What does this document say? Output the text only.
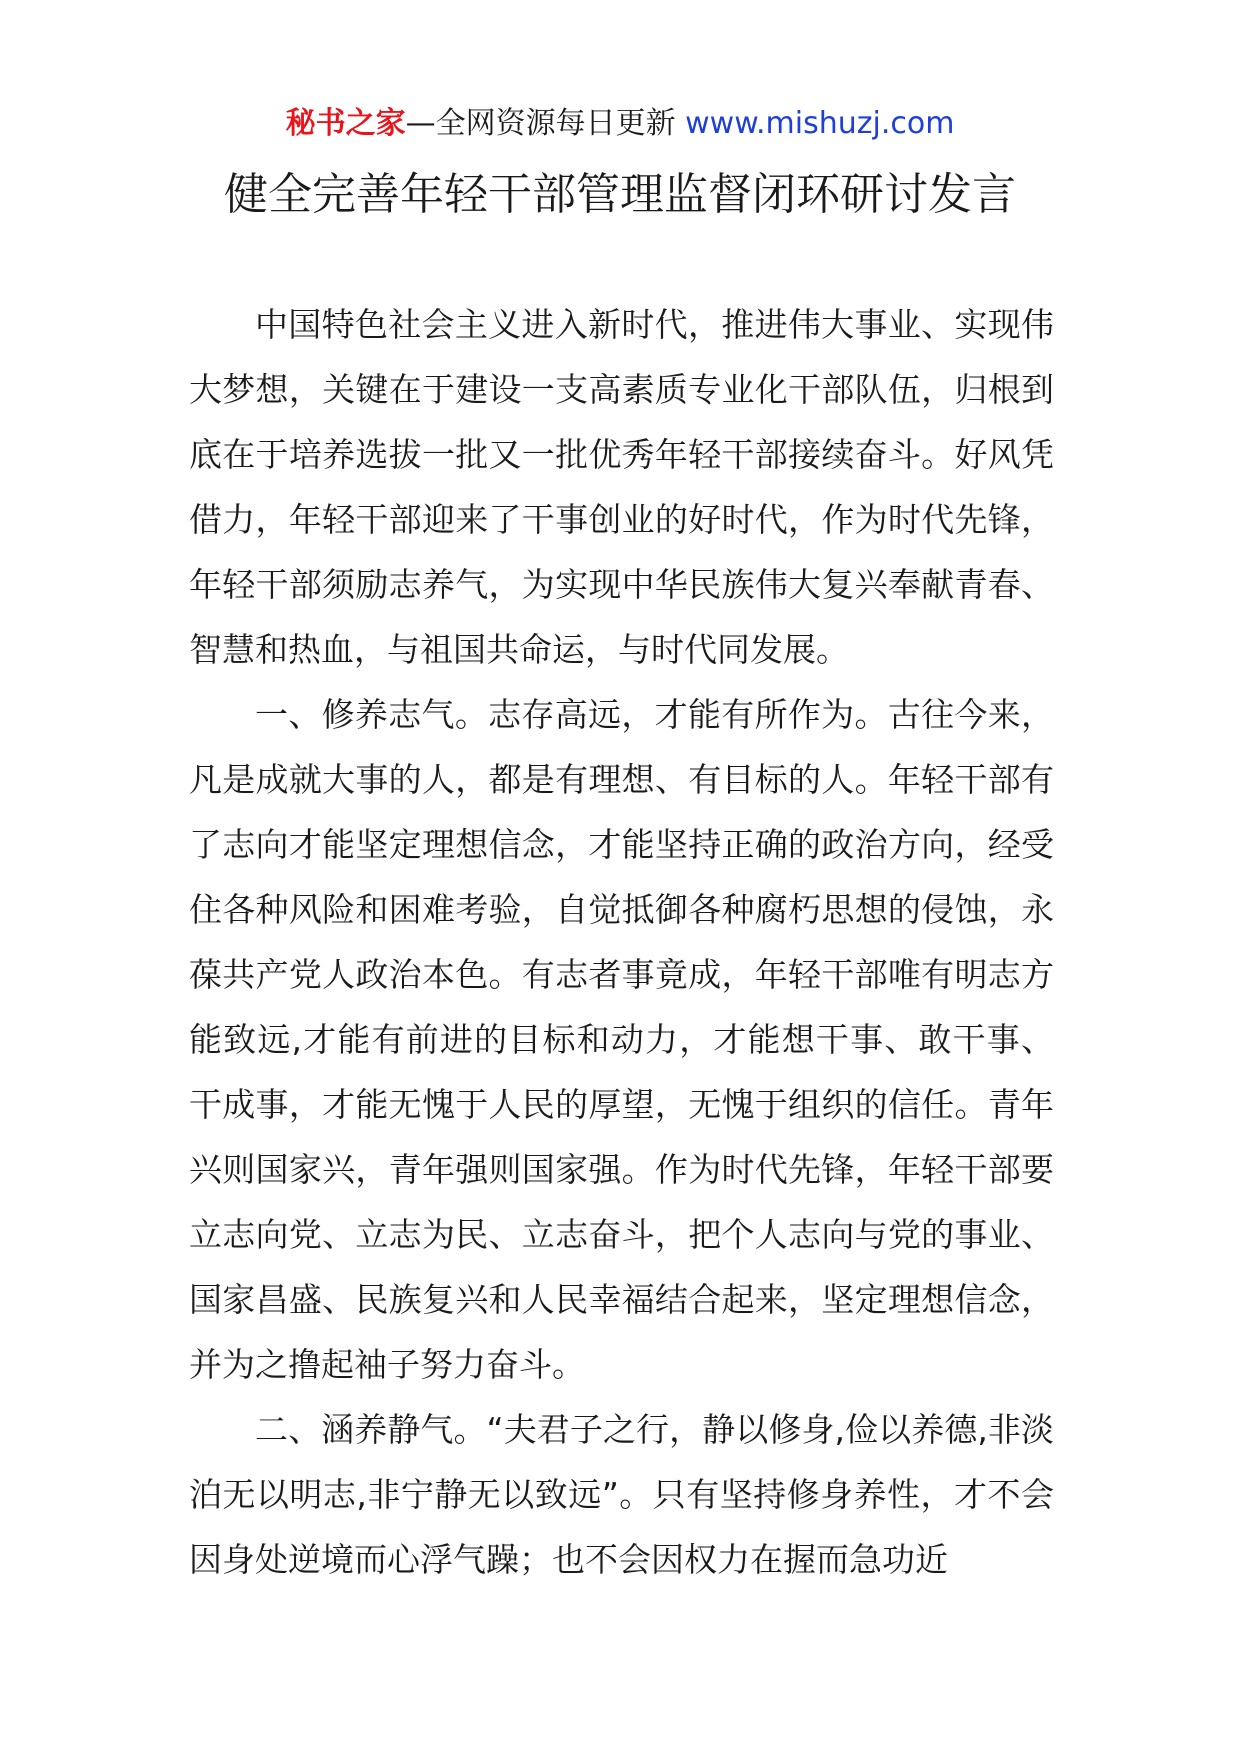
秘书之家—全网资源每日更新 www.mishuzj.com
健全完善年轻干部管理监督闭环研讨发言

中国特色社会主义进入新时代，推进伟大事业、实现伟大梦想，关键在于建设一支高素质专业化干部队伍，归根到底在于培养选拔一批又一批优秀年轻干部接续奋斗。好风凭借力，年轻干部迎来了干事创业的好时代，作为时代先锋，年轻干部须励志养气，为实现中华民族伟大复兴奉献青春、智慧和热血，与祖国共命运，与时代同发展。

一、修养志气。志存高远，才能有所作为。古往今来，凡是成就大事的人，都是有理想、有目标的人。年轻干部有了志向才能坚定理想信念，才能坚持正确的政治方向，经受住各种风险和困难考验，自觉抵御各种腐朽思想的侵蚀，永葆共产党人政治本色。有志者事竟成，年轻干部唯有明志方能致远,才能有前进的目标和动力，才能想干事、敢干事、干成事，才能无愧于人民的厚望，无愧于组织的信任。青年兴则国家兴，青年强则国家强。作为时代先锋，年轻干部要立志向党、立志为民、立志奋斗，把个人志向与党的事业、国家昌盛、民族复兴和人民幸福结合起来，坚定理想信念，并为之撸起袖子努力奋斗。

二、涵养静气。“夫君子之行，静以修身,俭以养德,非淡泊无以明志,非宁静无以致远”。只有坚持修身养性，才不会因身处逆境而心浮气躁；也不会因权力在握而急功近
